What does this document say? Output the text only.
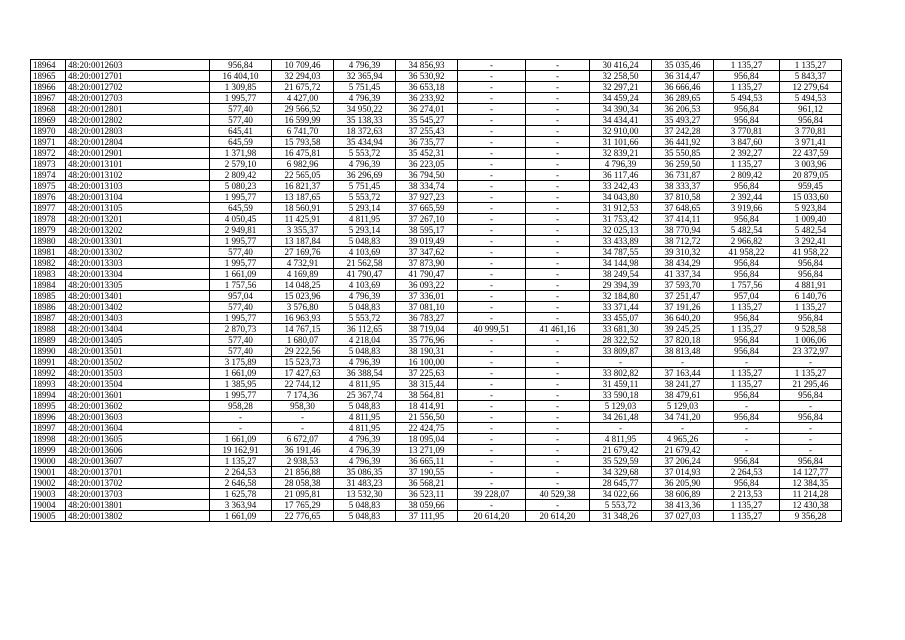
18964	48:20:0012603	956,84	10 709,46	4 796,39	34 856,93	-	-	30 416,24	35 035,46	1 135,27	1 135,27
18965	48:20:0012701	16 404,10	32 294,03	32 365,94	36 530,92	-	-	32 258,50	36 314,47	956,84	5 843,37
18966	48:20:0012702	1 309,85	21 675,72	5 751,45	36 653,18	-	-	32 297,21	36 666,46	1 135,27	12 279,64
18967	48:20:0012703	1 995,77	4 427,00	4 796,39	36 233,92	-	-	34 459,24	36 289,65	5 494,53	5 494,53
18968	48:20:0012801	577,40	29 566,52	34 950,22	36 274,01	-	-	34 390,34	36 206,53	956,84	961,12
18969	48:20:0012802	577,40	16 599,99	35 138,33	35 545,27	-	-	34 434,41	35 493,27	956,84	956,84
18970	48:20:0012803	645,41	6 741,70	18 372,63	37 255,43	-	-	32 910,00	37 242,28	3 770,81	3 770,81
18971	48:20:0012804	645,59	15 793,58	35 434,94	36 735,77	-	-	31 101,66	36 441,92	3 847,60	3 971,41
18972	48:20:0012901	1 371,98	16 475,81	5 553,72	35 452,31	-	-	32 839,21	35 550,85	2 392,27	22 437,59
18973	48:20:0013101	2 579,10	6 982,96	4 796,39	36 223,05	-	-	4 796,39	36 259,50	1 135,27	3 003,96
18974	48:20:0013102	2 809,42	22 565,05	36 296,69	36 794,50	-	-	36 117,46	36 731,87	2 809,42	20 879,05
18975	48:20:0013103	5 080,23	16 821,37	5 751,45	38 334,74	-	-	33 242,43	38 333,37	956,84	959,45
18976	48:20:0013104	1 995,77	13 187,65	5 553,72	37 927,23	-	-	34 043,80	37 810,58	2 392,44	15 033,60
18977	48:20:0013105	645,59	18 560,91	5 293,14	37 665,59	-	-	31 912,53	37 648,65	3 919,66	5 923,84
18978	48:20:0013201	4 050,45	11 425,91	4 811,95	37 267,10	-	-	31 753,42	37 414,11	956,84	1 009,40
18979	48:20:0013202	2 949,81	3 355,37	5 293,14	38 595,17	-	-	32 025,13	38 770,94	5 482,54	5 482,54
18980	48:20:0013301	1 995,77	13 187,84	5 048,83	39 019,49	-	-	33 433,89	38 712,72	2 966,82	3 292,41
18981	48:20:0013302	577,40	27 169,76	4 103,69	37 347,62	-	-	34 787,55	39 310,32	41 958,22	41 958,22
18982	48:20:0013303	1 995,77	4 732,91	21 562,58	37 873,90	-	-	34 144,98	38 434,29	956,84	956,84
18983	48:20:0013304	1 661,09	4 169,89	41 790,47	41 790,47	-	-	38 249,54	41 337,34	956,84	956,84
18984	48:20:0013305	1 757,56	14 048,25	4 103,69	36 093,22	-	-	29 394,39	37 593,70	1 757,56	4 881,91
18985	48:20:0013401	957,04	15 023,96	4 796,39	37 336,01	-	-	32 184,80	37 251,47	957,04	6 140,76
18986	48:20:0013402	577,40	3 576,80	5 048,83	37 081,10	-	-	33 371,44	37 191,26	1 135,27	1 135,27
18987	48:20:0013403	1 995,77	16 963,93	5 553,72	36 783,27	-	-	33 455,07	36 640,20	956,84	956,84
18988	48:20:0013404	2 870,73	14 767,15	36 112,65	38 719,04	40 999,51	41 461,16	33 681,30	39 245,25	1 135,27	9 528,58
18989	48:20:0013405	577,40	1 680,07	4 218,04	35 776,96	-	-	28 322,52	37 820,18	956,84	1 006,06
18990	48:20:0013501	577,40	29 222,56	5 048,83	38 190,31	-	-	33 809,87	38 813,48	956,84	23 372,97
18991	48:20:0013502	3 175,89	15 523,73	4 796,39	16 100,00	-	-	-	-	-	-
18992	48:20:0013503	1 661,09	17 427,63	36 388,54	37 225,63	-	-	33 802,82	37 163,44	1 135,27	1 135,27
18993	48:20:0013504	1 385,95	22 744,12	4 811,95	38 315,44	-	-	31 459,11	38 241,27	1 135,27	21 295,46
18994	48:20:0013601	1 995,77	7 174,36	25 367,74	38 564,81	-	-	33 590,18	38 479,61	956,84	956,84
18995	48:20:0013602	958,28	958,30	5 048,83	18 414,91	-	-	5 129,03	5 129,03	-	-
18996	48:20:0013603	-	-	4 811,95	21 556,50	-	-	34 261,48	34 741,20	956,84	956,84
18997	48:20:0013604	-	-	4 811,95	22 424,75	-	-	-	-	-	-
18998	48:20:0013605	1 661,09	6 672,07	4 796,39	18 095,04	-	-	4 811,95	4 965,26	-	-
18999	48:20:0013606	19 162,91	36 191,46	4 796,39	13 271,09	-	-	21 679,42	21 679,42	-	-
19000	48:20:0013607	1 135,27	2 938,53	4 796,39	36 665,11	-	-	35 529,59	37 206,24	956,84	956,84
19001	48:20:0013701	2 264,53	21 856,88	35 086,35	37 190,55	-	-	34 329,68	37 014,93	2 264,53	14 127,77
19002	48:20:0013702	2 646,58	28 058,38	31 483,23	36 568,21	-	-	28 645,77	36 205,90	956,84	12 384,35
19003	48:20:0013703	1 625,78	21 095,81	13 532,30	36 523,11	39 228,07	40 529,38	34 022,66	38 606,89	2 213,53	11 214,28
19004	48:20:0013801	3 363,94	17 765,29	5 048,83	38 059,66	-	-	5 553,72	38 413,36	1 135,27	12 430,38
19005	48:20:0013802	1 661,09	22 776,65	5 048,83	37 111,95	20 614,20	20 614,20	31 348,26	37 027,03	1 135,27	9 356,28
